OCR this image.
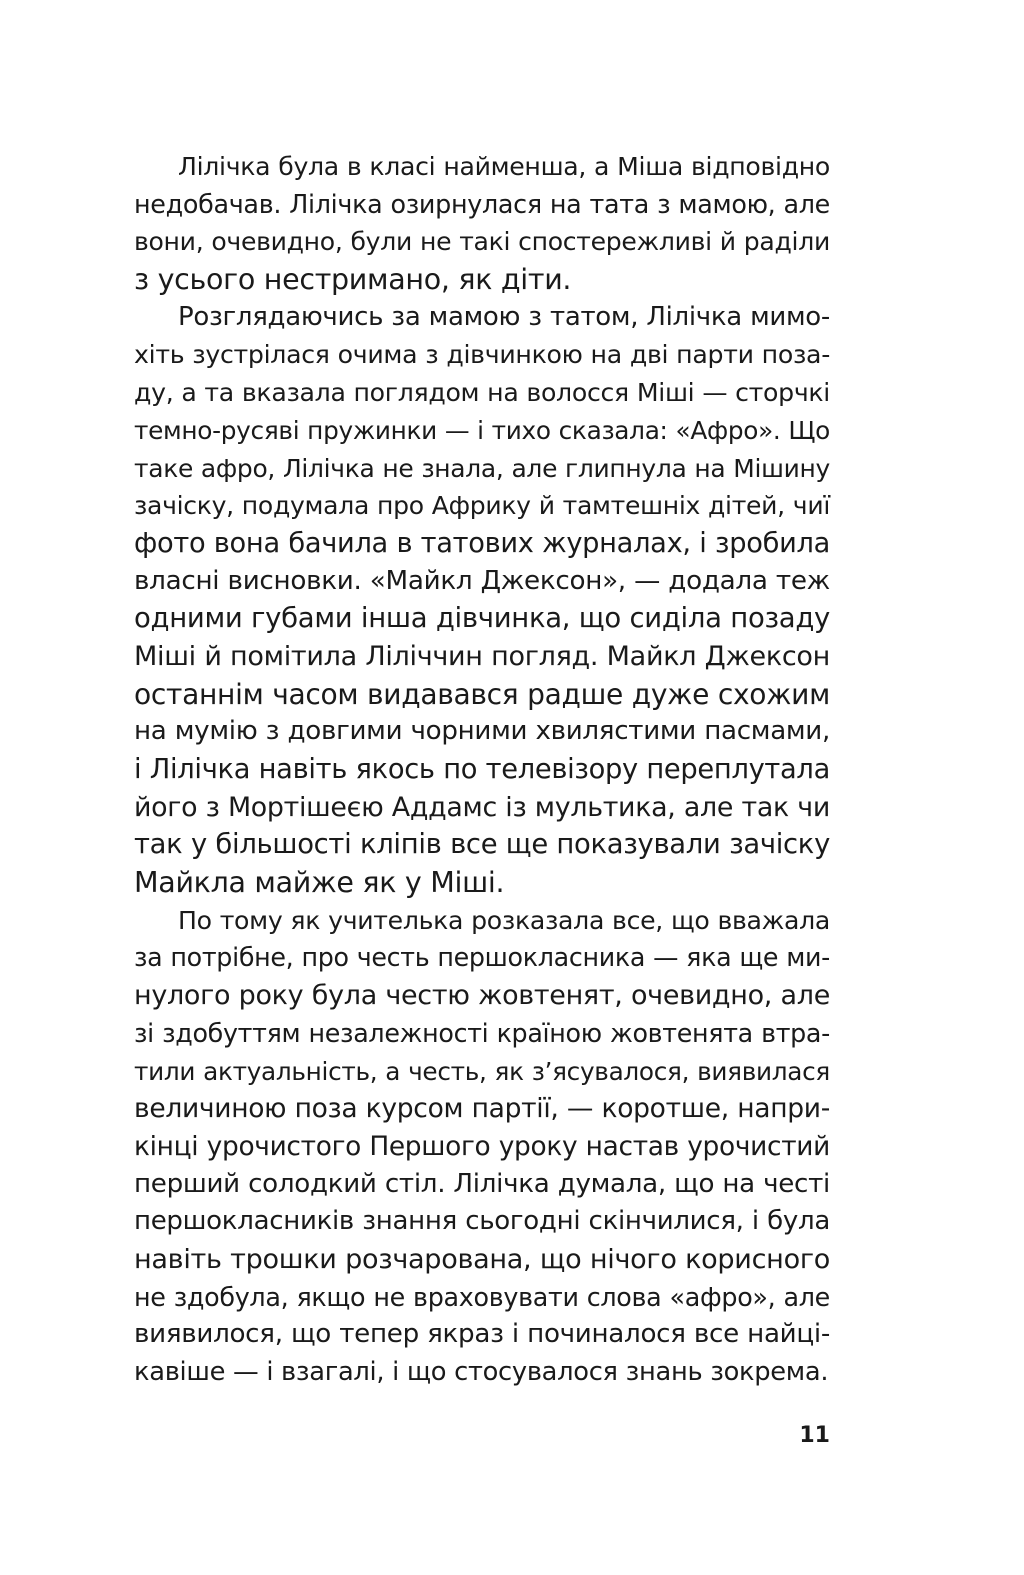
Лілічка була в класі найменша, а Міша відповідно
недобачав. Лілічка озирнулася на тата з мамою, але
вони, очевидно, були не такі спостережливі й раділи
з усього нестримано, як діти.
Розглядаючись за мамою з татом, Лілічка мимо-
хіть зустрілася очима з дівчинкою на дві парти поза-
ду, а та вказала поглядом на волосся Міші — сторчкі
темно-русяві пружинки — і тихо сказала: «Афро». Що
таке афро, Лілічка не знала, але глипнула на Мішину
зачіску, подумала про Африку й тамтешніх дітей, чиї
фото вона бачила в татових журналах, і зробила
власні висновки. «Майкл Джексон», — додала теж
одними губами інша дівчинка, що сиділа позаду
Міші й помітила Лілiччин погляд. Майкл Джексон
останнім часом видавався радше дуже схожим
на мумію з довгими чорними хвилястими пасмами,
і Лілічка навіть якось по телевізору переплутала
його з Мортішеєю Аддамс із мультика, але так чи
так у більшості кліпів все ще показували зачіску
Майкла майже як у Міші.
По тому як учителька розказала все, що вважала
за потрібне, про честь першокласника — яка ще ми-
нулого року була честю жовтенят, очевидно, але
зі здобуттям незалежності країною жовтенята втра-
тили актуальність, а честь, як з’ясувалося, виявилася
величиною поза курсом партії, — коротше, напри-
кінці урочистого Першого уроку настав урочистий
перший солодкий стіл. Лілічка думала, що на честі
першокласників знання сьогодні скінчилися, і була
навіть трошки розчарована, що нічого корисного
не здобула, якщо не враховувати слова «афро», але
виявилося, що тепер якраз і починалося все найці-
кавіше — і взагалі, і що стосувалося знань зокрема.
11
